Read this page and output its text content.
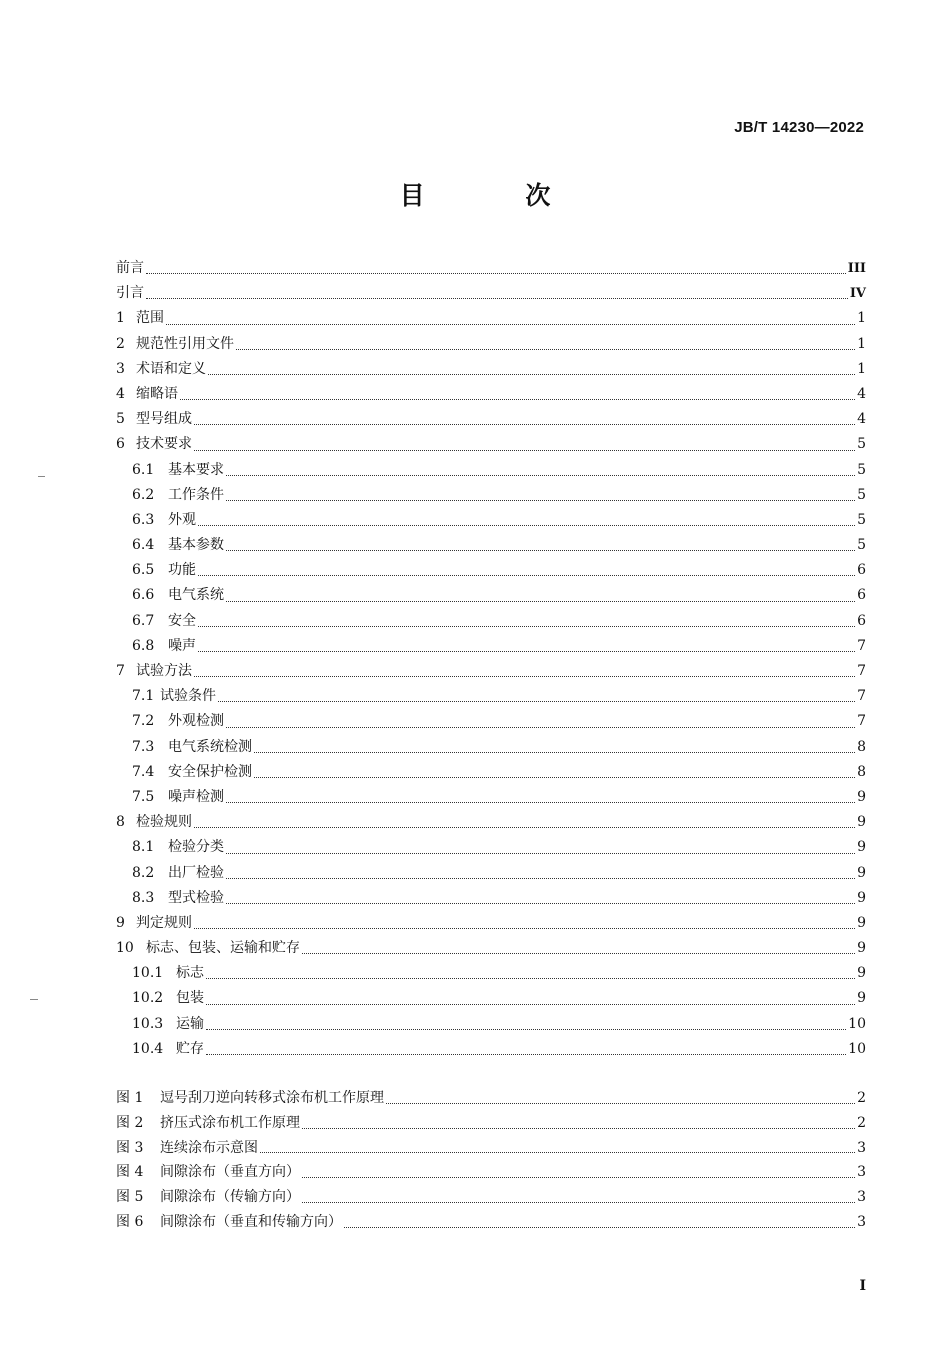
JB/T 14230—2022
目 次
前言	III
引言	IV
1 范围	1
2 规范性引用文件	1
3 术语和定义	1
4 缩略语	4
5 型号组成	4
6 技术要求	5
6.1 基本要求	5
6.2 工作条件	5
6.3 外观	5
6.4 基本参数	5
6.5 功能	6
6.6 电气系统	6
6.7 安全	6
6.8 噪声	7
7 试验方法	7
7.1 试验条件	7
7.2 外观检测	7
7.3 电气系统检测	8
7.4 安全保护检测	8
7.5 噪声检测	9
8 检验规则	9
8.1 检验分类	9
8.2 出厂检验	9
8.3 型式检验	9
9 判定规则	9
10 标志、包装、运输和贮存	9
10.1 标志	9
10.2 包装	9
10.3 运输	10
10.4 贮存	10
图 1	逗号刮刀逆向转移式涂布机工作原理	2
图 2	挤压式涂布机工作原理	2
图 3	连续涂布示意图	3
图 4	间隙涂布（垂直方向）	3
图 5	间隙涂布（传输方向）	3
图 6	间隙涂布（垂直和传输方向）	3
I
